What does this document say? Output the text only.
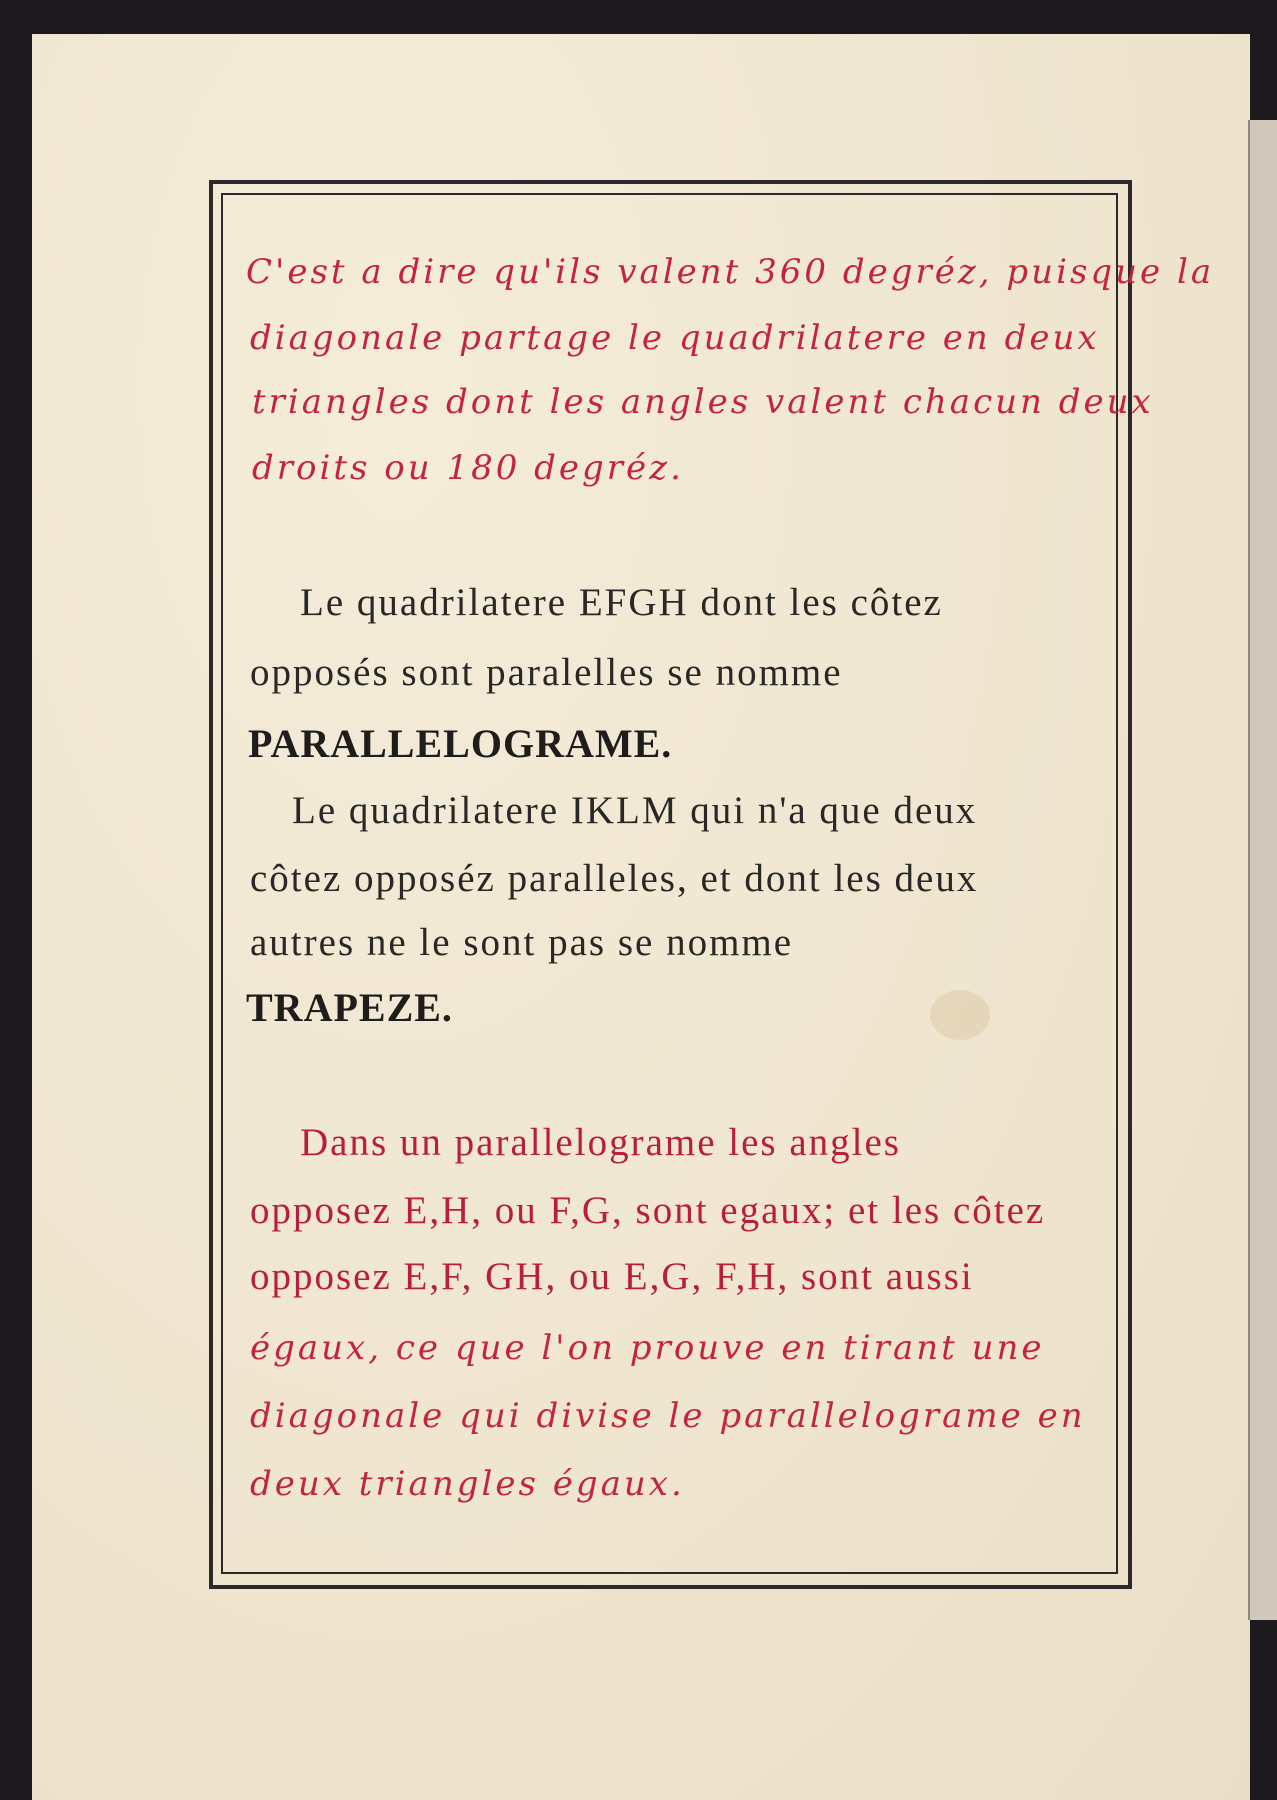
C'est a dire qu'ils valent 360 degréz, puisque la
diagonale partage le quadrilatere en deux
triangles dont les angles valent chacun deux
droits ou 180 degréz.
Le quadrilatere EFGH dont les côtez
opposés sont paralelles se nomme
PARALLELOGRAME.
Le quadrilatere IKLM qui n'a que deux
côtez opposéz paralleles, et dont les deux
autres ne le sont pas se nomme
TRAPEZE.
Dans un parallelograme les angles
opposez E,H, ou F,G, sont egaux; et les côtez
opposez E,F, GH, ou E,G, F,H, sont aussi
égaux, ce que l'on prouve en tirant une
diagonale qui divise le parallelograme en
deux triangles égaux.
